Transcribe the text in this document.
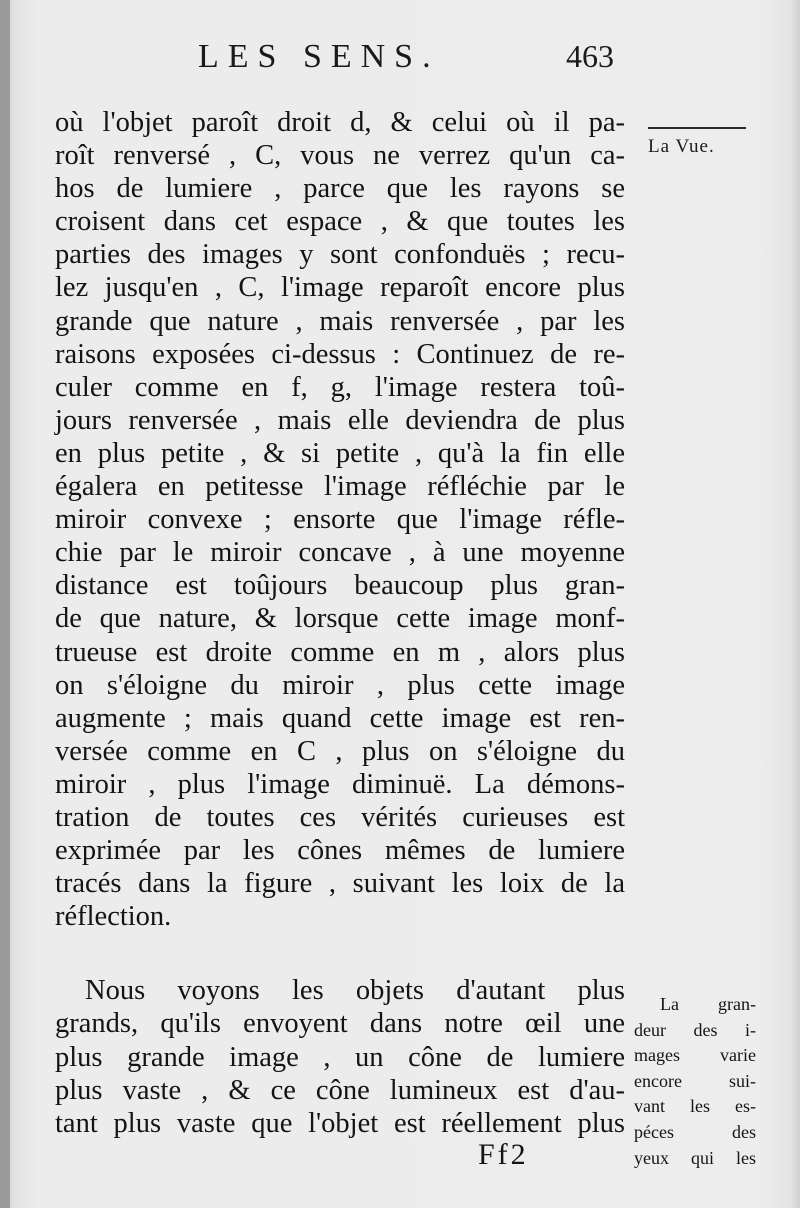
LES SENS.	463
La Vue.
où l'objet paroît droit d, & celui où il pa-
roît renversé , C, vous ne verrez qu'un ca-
hos de lumiere , parce que les rayons se
croisent dans cet espace , & que toutes les
parties des images y sont confonduës ; recu-
lez jusqu'en , C, l'image reparoît encore plus
grande que nature , mais renversée , par les
raisons exposées ci-dessus : Continuez de re-
culer comme en f, g, l'image restera toû-
jours renversée , mais elle deviendra de plus
en plus petite , & si petite , qu'à la fin elle
égalera en petitesse l'image réfléchie par le
miroir convexe ; ensorte que l'image réfle-
chie par le miroir concave , à une moyenne
distance est toûjours beaucoup plus gran-
de que nature, & lorsque cette image monf-
trueuse est droite comme en m , alors plus
on s'éloigne du miroir , plus cette image
augmente ; mais quand cette image est ren-
versée comme en C , plus on s'éloigne du
miroir , plus l'image diminuë. La démons-
tration de toutes ces vérités curieuses est
exprimée par les cônes mêmes de lumiere
tracés dans la figure , suivant les loix de la
réflection.
Nous voyons les objets d'autant plus
grands, qu'ils envoyent dans notre œil une
plus grande image , un cône de lumiere
plus vaste , & ce cône lumineux est d'au-
tant plus vaste que l'objet est réellement plus
La gran-
deur des i-
mages varie
encore sui-
vant les es-
péces des
yeux qui les
Ff2
